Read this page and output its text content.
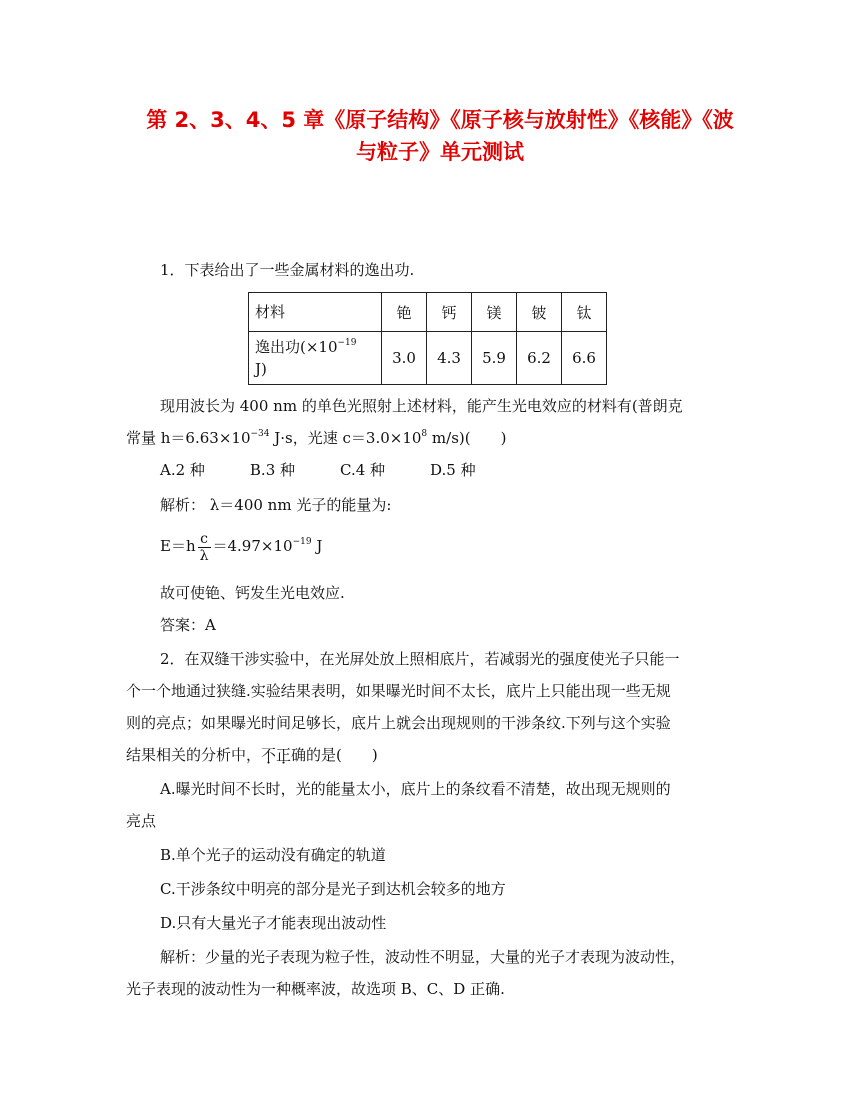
第 2、3、4、5 章《原子结构》《原子核与放射性》《核能》《波
与粒子》单元测试
1．下表给出了一些金属材料的逸出功.
材料	铯	钙	镁	铍	钛
逸出功($\times 10^{-19}$
J)	3.0	4.3	5.9	6.2	6.6
现用波长为 400 nm 的单色光照射上述材料，能产生光电效应的材料有(普朗克
常量 $h=6.63\times 10^{-34}$ J·s，光速 $c=3.0\times 10^8$ m/s)(　　)
A.2 种　　　B.3 种　　　C.4 种　　　D.5 种
解析： λ＝400 nm 光子的能量为:
$E=h \frac{c}{\lambda} =4.97\times 10^{-19}$ J
故可使铯、钙发生光电效应.
答案：A
2．在双缝干涉实验中，在光屏处放上照相底片，若减弱光的强度使光子只能一
个一个地通过狭缝.实验结果表明，如果曝光时间不太长，底片上只能出现一些无规
则的亮点；如果曝光时间足够长，底片上就会出现规则的干涉条纹.下列与这个实验
结果相关的分析中，不正确的是(　　)
A.曝光时间不长时，光的能量太小，底片上的条纹看不清楚，故出现无规则的
亮点
B.单个光子的运动没有确定的轨道
C.干涉条纹中明亮的部分是光子到达机会较多的地方
D.只有大量光子才能表现出波动性
解析：少量的光子表现为粒子性，波动性不明显，大量的光子才表现为波动性，
光子表现的波动性为一种概率波，故选项 B、C、D 正确.
